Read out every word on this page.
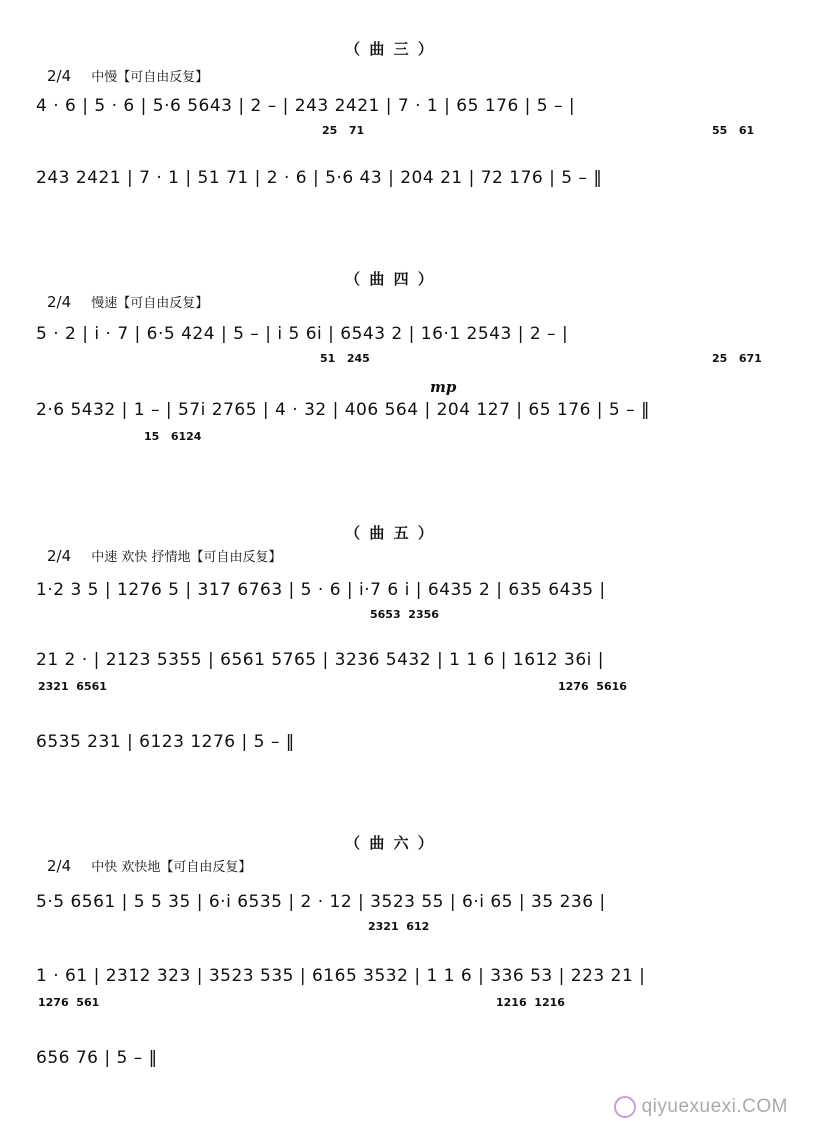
（ 曲 三 ）
2/4 中慢【可自由反复】
4 · 6 | 5 · 6 | 5·6 5643 | 2 – | 243 2421 | 7 · 1 | 65 176 | 5 – |
25 71	55 61
243 2421 | 7 · 1 | 51 71 | 2 · 6 | 5·6 43 | 204 21 | 72 176 | 5 – ‖
（ 曲 四 ）
2/4 慢速【可自由反复】
5 · 2 | i · 7 | 6·5 424 | 5 – | i 5 6i | 6543 2 | 16·1 2543 | 2 – |
51 245	25 671
mp
2·6 5432 | 1 – | 57i 2765 | 4 · 32 | 406 564 | 204 127 | 65 176 | 5 – ‖
15 6124
（ 曲 五 ）
2/4 中速 欢快 抒情地【可自由反复】
1·2 3 5 | 1276 5 | 317 6763 | 5 · 6 | i·7 6 i | 6435 2 | 635 6435 |
5653 2356
21 2 · | 2123 5355 | 6561 5765 | 3236 5432 | 1 1 6 | 1612 36i |
2321 6561	1276 5616
6535 231 | 6123 1276 | 5 – ‖
（ 曲 六 ）
2/4 中快 欢快地【可自由反复】
5·5 6561 | 5 5 35 | 6·i 6535 | 2 · 12 | 3523 55 | 6·i 65 | 35 236 |
2321 612
1 · 61 | 2312 323 | 3523 535 | 6165 3532 | 1 1 6 | 336 53 | 223 21 |
1276 561	1216 1216
656 76 | 5 – ‖
qiyuexuexi.COM
